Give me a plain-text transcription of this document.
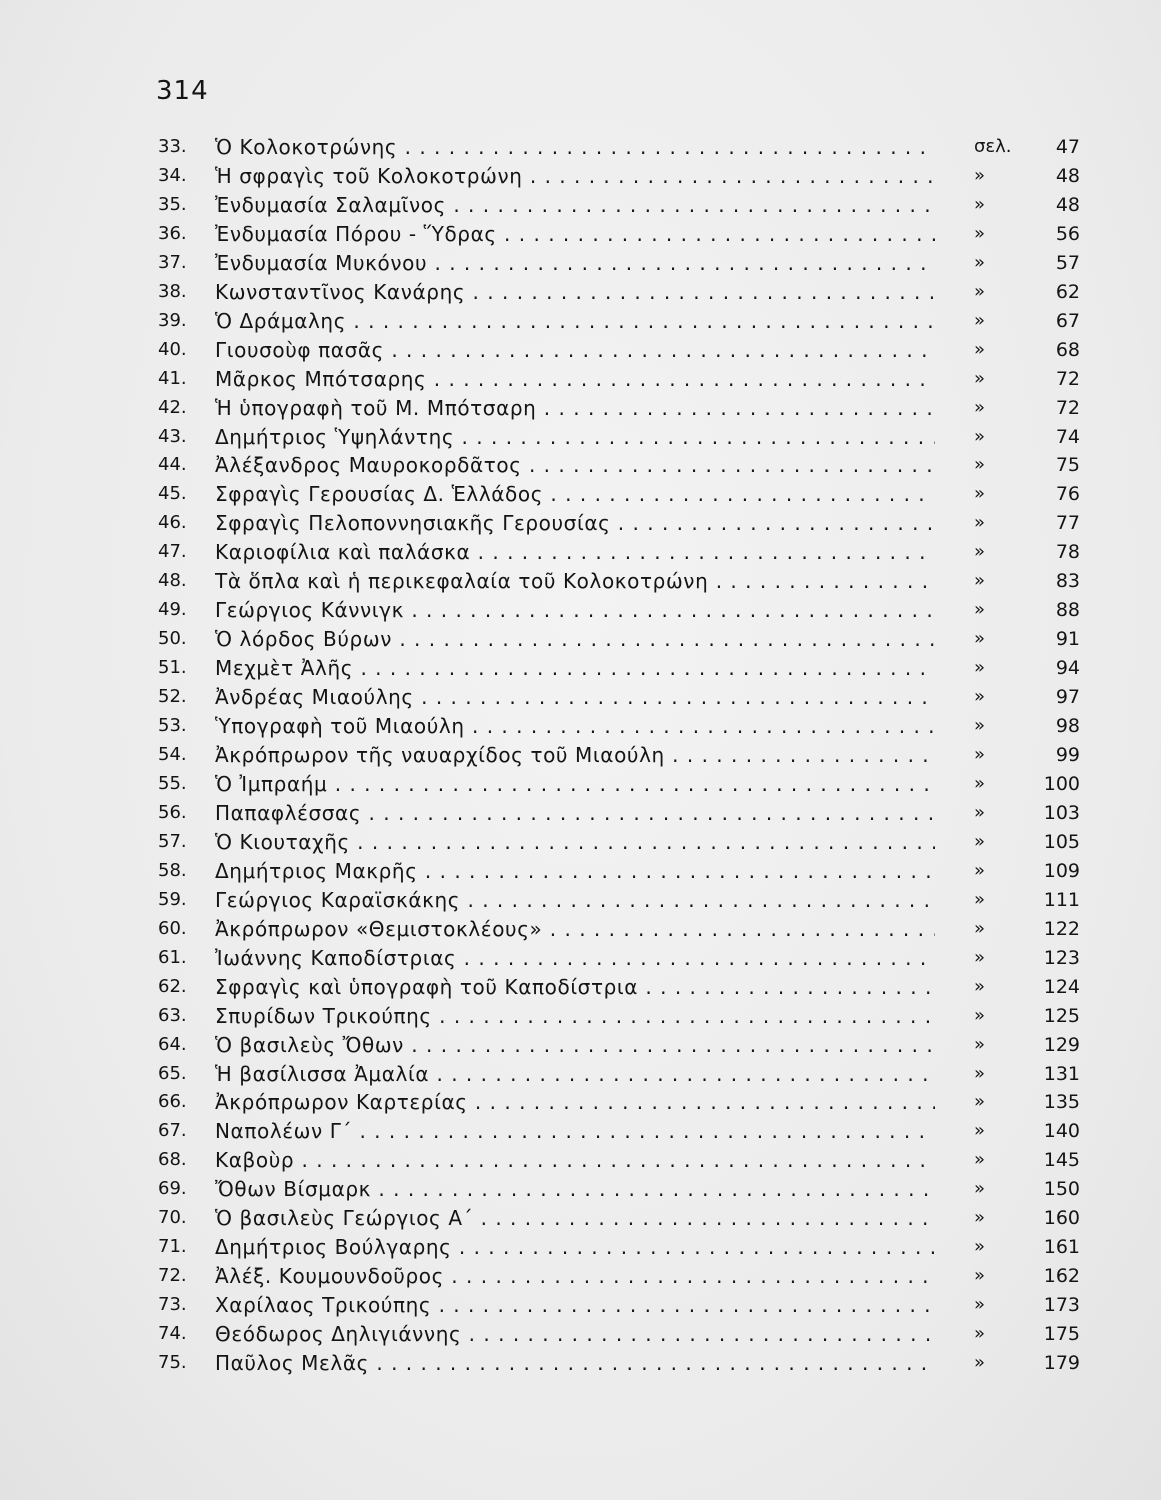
314
33. Ὁ Κολοκοτρώνης . . .	σελ.	47
34. Ἡ σφραγὶς τοῦ Κολοκοτρώνη . . .	»	48
35. Ἐνδυμασία Σαλαμῖνος . . .	»	48
36. Ἐνδυμασία Πόρου - Ὕδρας . . .	»	56
37. Ἐνδυμασία Μυκόνου . . .	»	57
38. Κωνσταντῖνος Κανάρης . . .	»	62
39. Ὁ Δράμαλης . . .	»	67
40. Γιουσοὺφ πασᾶς . . .	»	68
41. Μᾶρκος Μπότσαρης . . .	»	72
42. Ἡ ὑπογραφὴ τοῦ Μ. Μπότσαρη . . .	»	72
43. Δημήτριος Ὑψηλάντης . . .	»	74
44. Ἀλέξανδρος Μαυροκορδᾶτος . . .	»	75
45. Σφραγὶς Γερουσίας Δ. Ἑλλάδος . . .	»	76
46. Σφραγὶς Πελοποννησιακῆς Γερουσίας . . .	»	77
47. Καριοφίλια καὶ παλάσκα . . .	»	78
48. Τὰ ὅπλα καὶ ἡ περικεφαλαία τοῦ Κολοκοτρώνη . . .	»	83
49. Γεώργιος Κάννιγκ . . .	»	88
50. Ὁ λόρδος Βύρων . . .	»	91
51. Μεχμὲτ Ἀλῆς . . .	»	94
52. Ἀνδρέας Μιαούλης . . .	»	97
53. Ὑπογραφὴ τοῦ Μιαούλη . . .	»	98
54. Ἀκρόπρωρον τῆς ναυαρχίδος τοῦ Μιαούλη . . .	»	99
55. Ὁ Ἰμπραήμ . . .	»	100
56. Παπαφλέσσας . . .	»	103
57. Ὁ Κιουταχῆς . . .	»	105
58. Δημήτριος Μακρῆς . . .	»	109
59. Γεώργιος Καραϊσκάκης . . .	»	111
60. Ἀκρόπρωρον «Θεμιστοκλέους» . . .	»	122
61. Ἰωάννης Καποδίστριας . . .	»	123
62. Σφραγὶς καὶ ὑπογραφὴ τοῦ Καποδίστρια . . .	»	124
63. Σπυρίδων Τρικούπης . . .	»	125
64. Ὁ βασιλεὺς Ὄθων . . .	»	129
65. Ἡ βασίλισσα Ἀμαλία . . .	»	131
66. Ἀκρόπρωρον Καρτερίας . . .	»	135
67. Ναπολέων Γ´ . . .	»	140
68. Καβοὺρ . . .	»	145
69. Ὄθων Βίσμαρκ . . .	»	150
70. Ὁ βασιλεὺς Γεώργιος Α´ . . .	»	160
71. Δημήτριος Βούλγαρης . . .	»	161
72. Ἀλέξ. Κουμουνδοῦρος . . .	»	162
73. Χαρίλαος Τρικούπης . . .	»	173
74. Θεόδωρος Δηλιγιάννης . . .	»	175
75. Παῦλος Μελᾶς . . .	»	179
